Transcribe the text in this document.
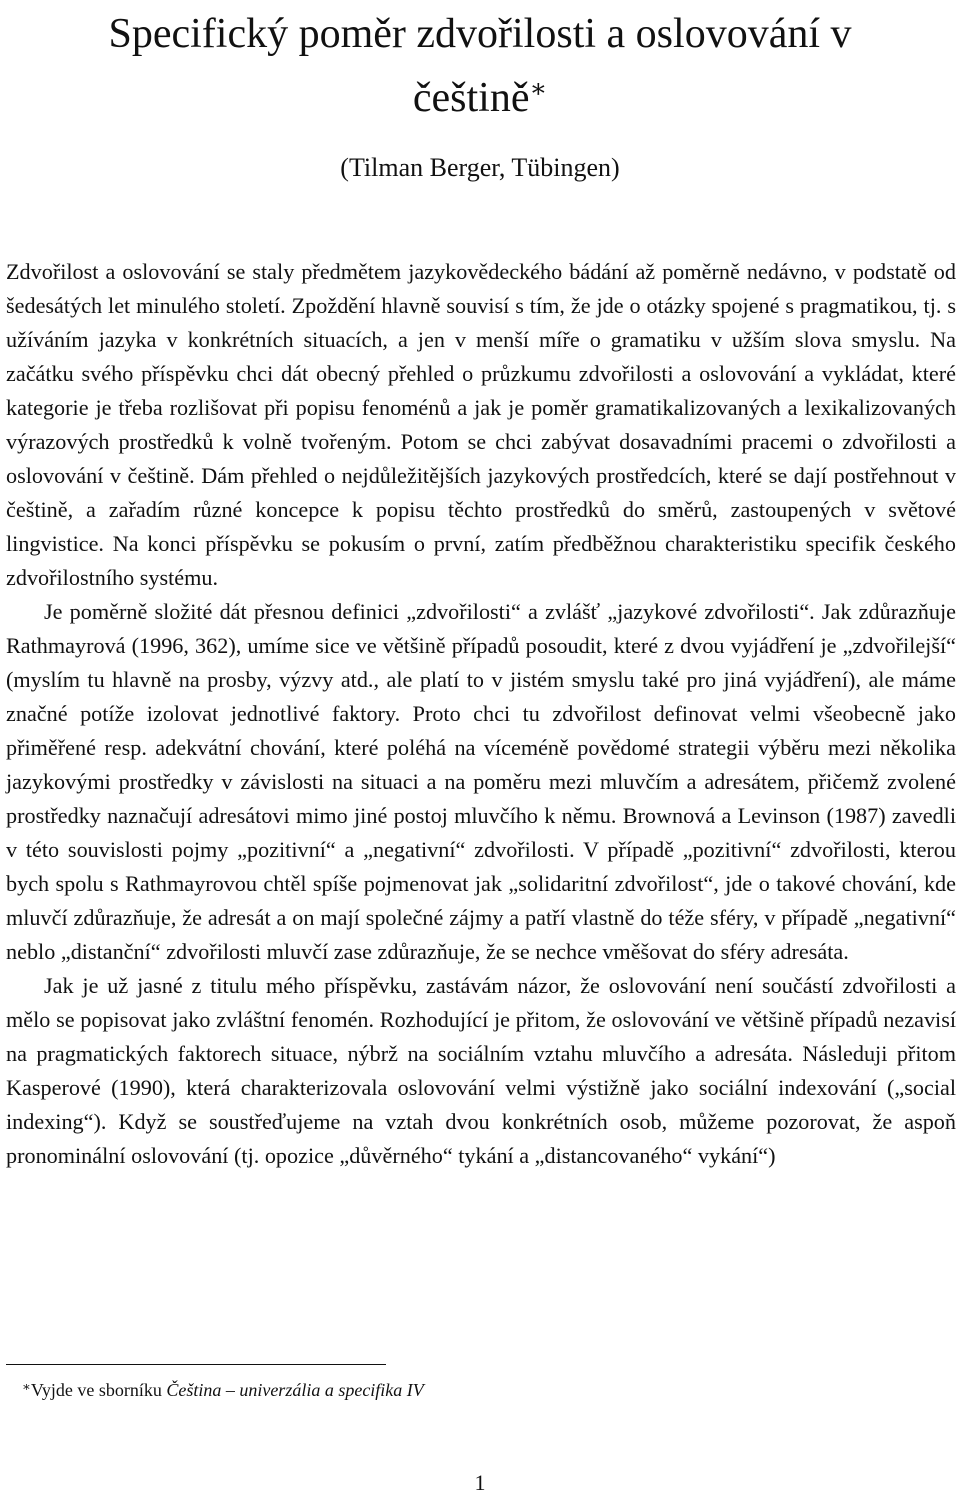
Specifický poměr zdvořilosti a oslovování v
češtině∗
(Tilman Berger, Tübingen)

Zdvořilost a oslovování se staly předmětem jazykovědeckého bádání až poměrně nedávno, v podstatě od šedesátých let minulého století. Zpoždění hlavně souvisí s tím, že jde o otázky spojené s pragmatikou, tj. s užíváním jazyka v konkrétních situacích, a jen v menší míře o gramatiku v užším slova smyslu. Na začátku svého příspěvku chci dát obecný přehled o průzkumu zdvořilosti a oslovování a vykládat, které kategorie je třeba rozlišovat při popisu fenoménů a jak je poměr gramatikalizovaných a lexikalizovaných výrazových prostředků k volně tvořeným. Potom se chci zabývat dosavadními pracemi o zdvořilosti a oslovování v češtině. Dám přehled o nejdůležitějších jazykových prostředcích, které se dají postřehnout v češtině, a zařadím různé koncepce k popisu těchto prostředků do směrů, zastoupených v světové lingvistice. Na konci příspěvku se pokusím o první, zatím předběžnou charakteristiku specifik českého zdvořilostního systému.

Je poměrně složité dát přesnou definici „zdvořilosti“ a zvlášť „jazykové zdvořilosti“. Jak zdůrazňuje Rathmayrová (1996, 362), umíme sice ve většině případů posoudit, které z dvou vyjádření je „zdvořilejší“ (myslím tu hlavně na prosby, výzvy atd., ale platí to v jistém smyslu také pro jiná vyjádření), ale máme značné potíže izolovat jednotlivé faktory. Proto chci tu zdvořilost definovat velmi všeobecně jako přiměřené resp. adekvátní chování, které poléhá na víceméně povědomé strategii výběru mezi několika jazykovými prostředky v závislosti na situaci a na poměru mezi mluvčím a adresátem, přičemž zvolené prostředky naznačují adresátovi mimo jiné postoj mluvčího k němu. Brownová a Levinson (1987) zavedli v této souvislosti pojmy „pozitivní“ a „negativní“ zdvořilosti. V případě „pozitivní“ zdvořilosti, kterou bych spolu s Rathmayrovou chtěl spíše pojmenovat jak „solidaritní zdvořilost“, jde o takové chování, kde mluvčí zdůrazňuje, že adresát a on mají společné zájmy a patří vlastně do téže sféry, v případě „negativní“ neblo „distanční“ zdvořilosti mluvčí zase zdůrazňuje, že se nechce vměšovat do sféry adresáta.

Jak je už jasné z titulu mého příspěvku, zastávám názor, že oslovování není součástí zdvořilosti a mělo se popisovat jako zvláštní fenomén. Rozhodující je přitom, že oslovování ve většině případů nezavisí na pragmatických faktorech situace, nýbrž na sociálním vztahu mluvčího a adresáta. Následuji přitom Kasperové (1990), která charakterizovala oslovování velmi výstižně jako sociální indexování („social indexing“). Když se soustřeďujeme na vztah dvou konkrétních osob, můžeme pozorovat, že aspoň pronominální oslovování (tj. opozice „důvěrného“ tykání a „distancovaného“ vykání“)

∗Vyjde ve sborníku Čeština – univerzália a specifika IV
1
